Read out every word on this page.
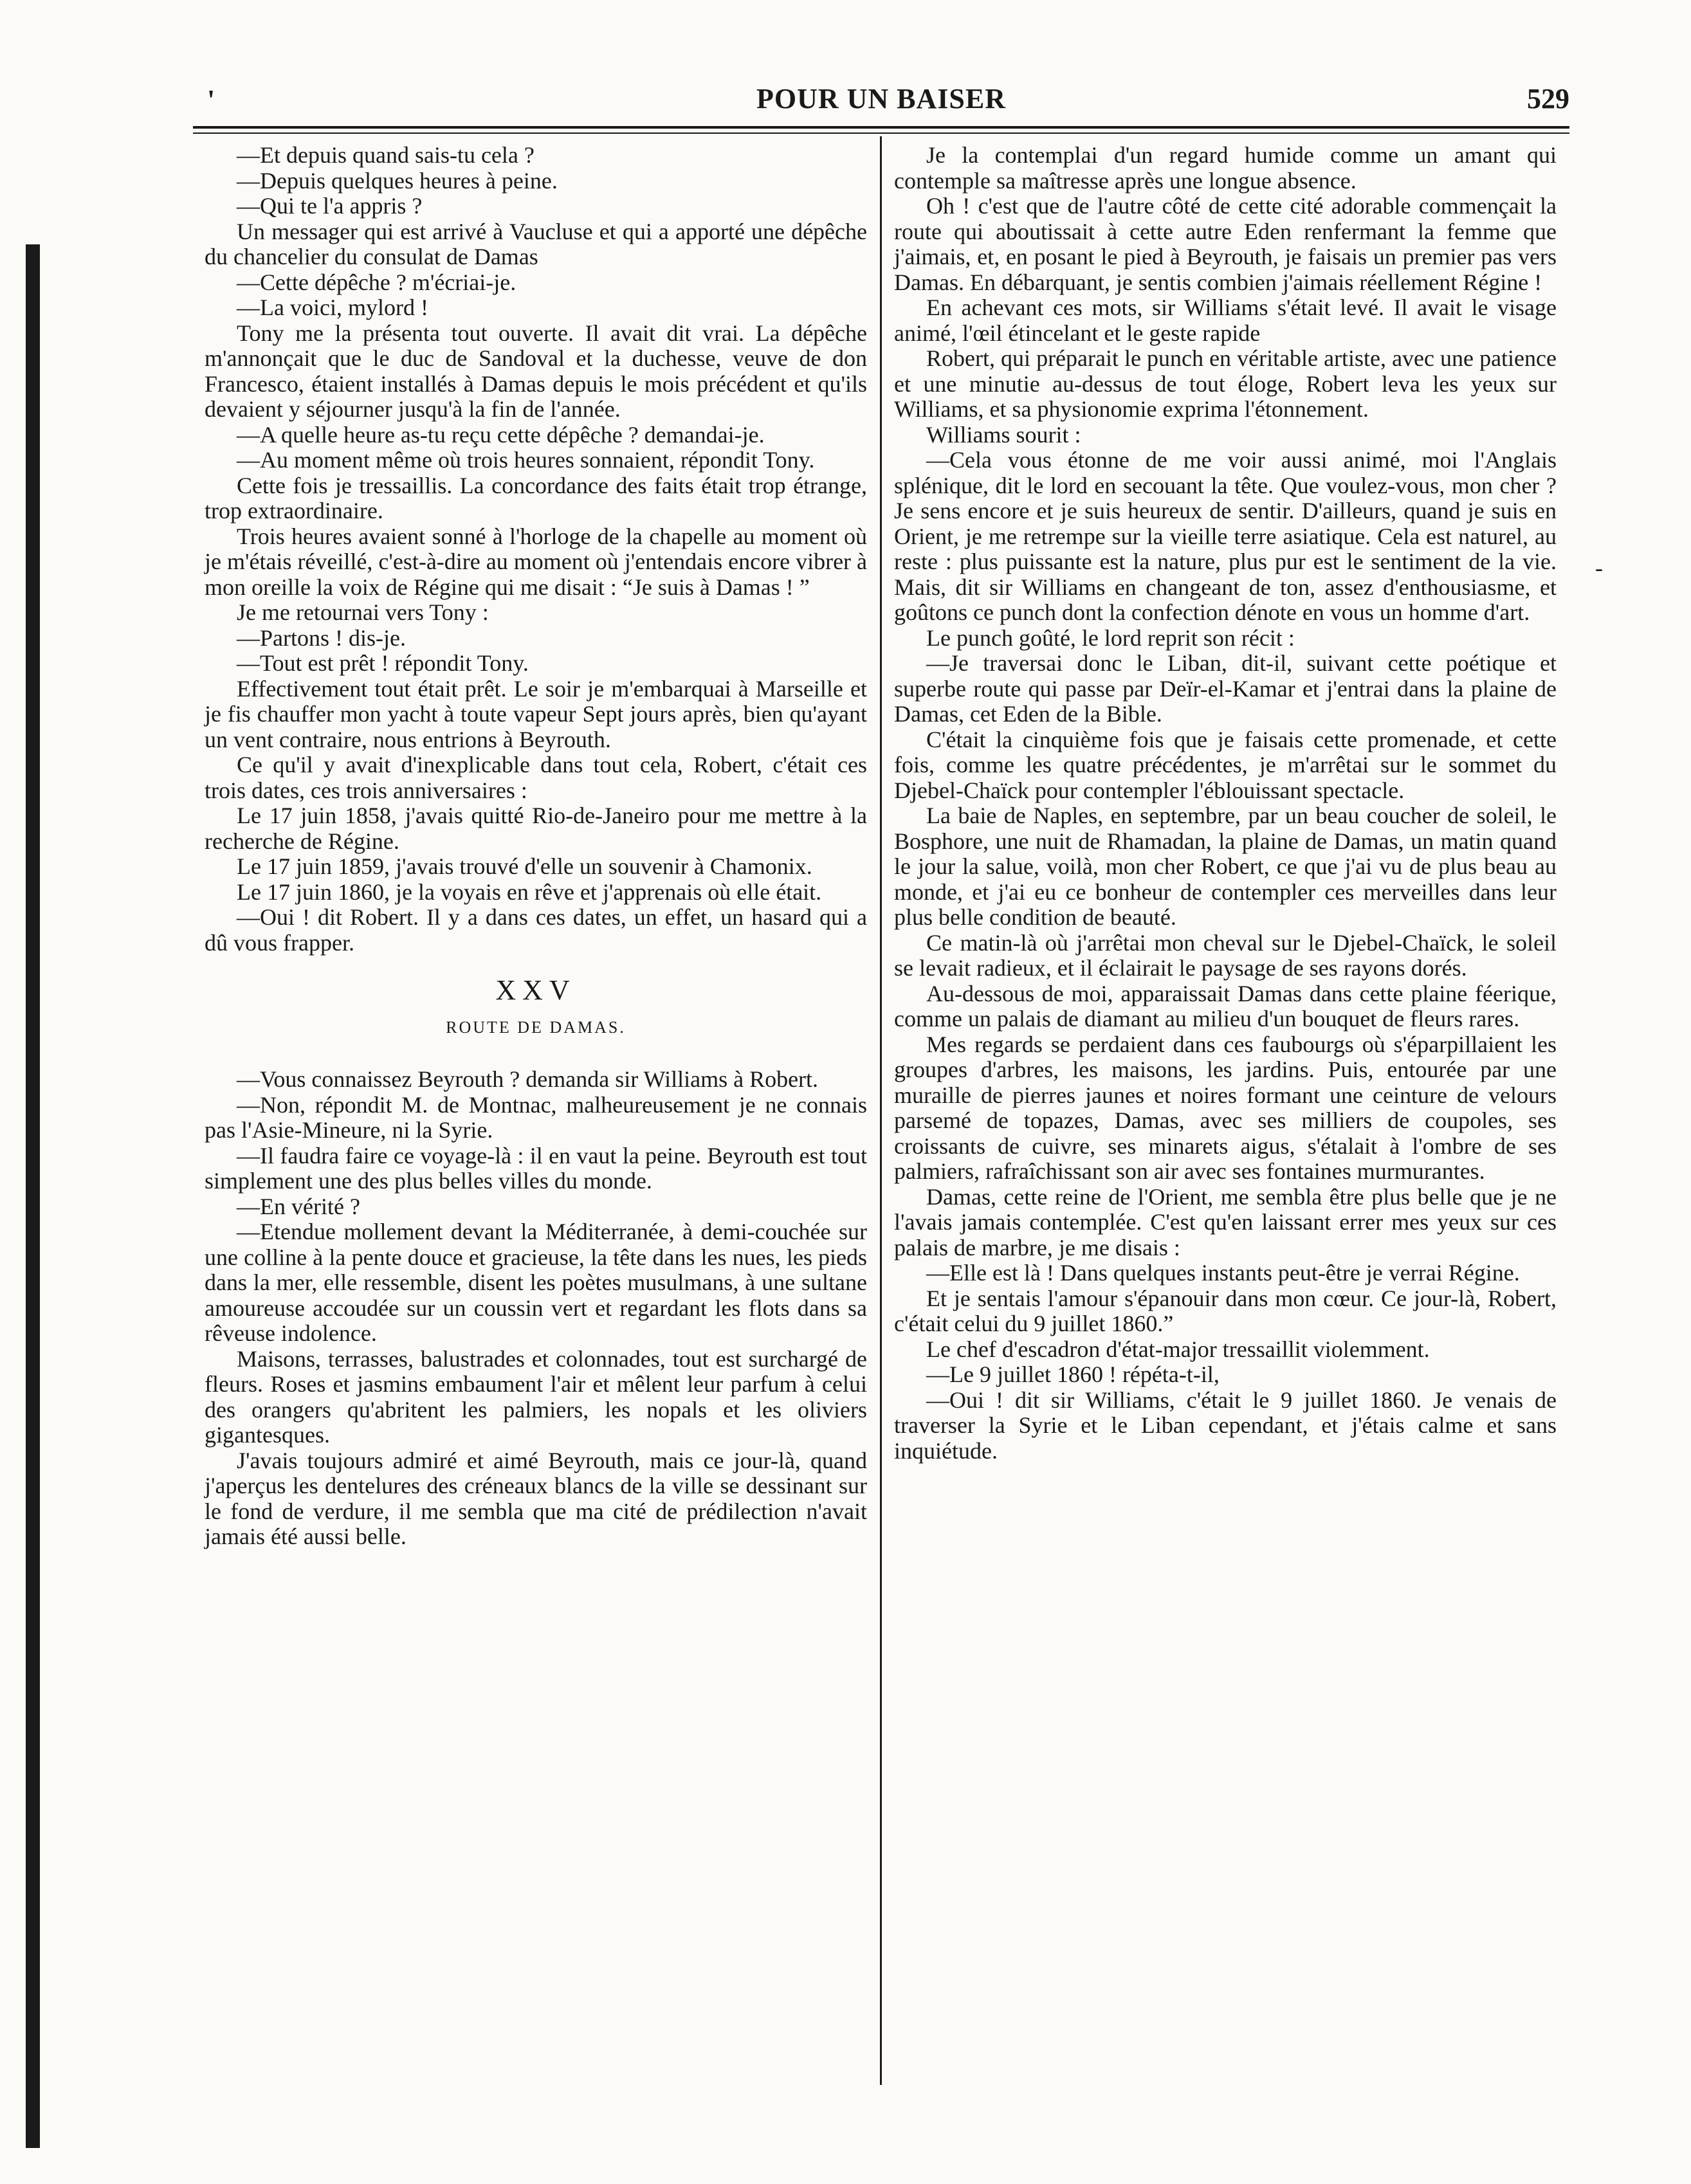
'	POUR UN BAISER	529

—Et depuis quand sais-tu cela ?

—Depuis quelques heures à peine.

—Qui te l'a appris ?

Un messager qui est arrivé à Vaucluse et qui a apporté une dépêche du chancelier du consulat de Damas

—Cette dépêche ? m'écriai-je.

—La voici, mylord !

Tony me la présenta tout ouverte. Il avait dit vrai. La dépêche m'annonçait que le duc de Sandoval et la duchesse, veuve de don Francesco, étaient installés à Damas depuis le mois précédent et qu'ils devaient y séjourner jusqu'à la fin de l'année.

—A quelle heure as-tu reçu cette dépêche ? demandai-je.

—Au moment même où trois heures sonnaient, répondit Tony.

Cette fois je tressaillis. La concordance des faits était trop étrange, trop extraordinaire.

Trois heures avaient sonné à l'horloge de la chapelle au moment où je m'étais réveillé, c'est-à-dire au moment où j'entendais encore vibrer à mon oreille la voix de Régine qui me disait : “Je suis à Damas ! ”

Je me retournai vers Tony :

—Partons ! dis-je.

—Tout est prêt ! répondit Tony.

Effectivement tout était prêt. Le soir je m'embarquai à Marseille et je fis chauffer mon yacht à toute vapeur Sept jours après, bien qu'ayant un vent contraire, nous entrions à Beyrouth.

Ce qu'il y avait d'inexplicable dans tout cela, Robert, c'était ces trois dates, ces trois anniversaires :

Le 17 juin 1858, j'avais quitté Rio-de-Janeiro pour me mettre à la recherche de Régine.

Le 17 juin 1859, j'avais trouvé d'elle un souvenir à Chamonix.

Le 17 juin 1860, je la voyais en rêve et j'apprenais où elle était.

—Oui ! dit Robert. Il y a dans ces dates, un effet, un hasard qui a dû vous frapper.

XXV
ROUTE DE DAMAS.

—Vous connaissez Beyrouth ? demanda sir Williams à Robert.

—Non, répondit M. de Montnac, malheureusement je ne connais pas l'Asie-Mineure, ni la Syrie.

—Il faudra faire ce voyage-là : il en vaut la peine. Beyrouth est tout simplement une des plus belles villes du monde.

—En vérité ?

—Etendue mollement devant la Méditerranée, à demi-couchée sur une colline à la pente douce et gracieuse, la tête dans les nues, les pieds dans la mer, elle ressemble, disent les poètes musulmans, à une sultane amoureuse accoudée sur un coussin vert et regardant les flots dans sa rêveuse indolence.

Maisons, terrasses, balustrades et colonnades, tout est surchargé de fleurs. Roses et jasmins embaument l'air et mêlent leur parfum à celui des orangers qu'abritent les palmiers, les nopals et les oliviers gigantesques.

J'avais toujours admiré et aimé Beyrouth, mais ce jour-là, quand j'aperçus les dentelures des créneaux blancs de la ville se dessinant sur le fond de verdure, il me sembla que ma cité de prédilection n'avait jamais été aussi belle.

Je la contemplai d'un regard humide comme un amant qui contemple sa maîtresse après une longue absence.

Oh ! c'est que de l'autre côté de cette cité adorable commençait la route qui aboutissait à cette autre Eden renfermant la femme que j'aimais, et, en posant le pied à Beyrouth, je faisais un premier pas vers Damas. En débarquant, je sentis combien j'aimais réellement Régine !

En achevant ces mots, sir Williams s'était levé. Il avait le visage animé, l'œil étincelant et le geste rapide

Robert, qui préparait le punch en véritable artiste, avec une patience et une minutie au-dessus de tout éloge, Robert leva les yeux sur Williams, et sa physionomie exprima l'étonnement.

Williams sourit :

—Cela vous étonne de me voir aussi animé, moi l'Anglais splénique, dit le lord en secouant la tête. Que voulez-vous, mon cher ? Je sens encore et je suis heureux de sentir. D'ailleurs, quand je suis en Orient, je me retrempe sur la vieille terre asiatique. Cela est naturel, au reste : plus puissante est la nature, plus pur est le sentiment de la vie. Mais, dit sir Williams en changeant de ton, assez d'enthousiasme, et goûtons ce punch dont la confection dénote en vous un homme d'art.

Le punch goûté, le lord reprit son récit :

—Je traversai donc le Liban, dit-il, suivant cette poétique et superbe route qui passe par Deïr-el-Kamar et j'entrai dans la plaine de Damas, cet Eden de la Bible.

C'était la cinquième fois que je faisais cette promenade, et cette fois, comme les quatre précédentes, je m'arrêtai sur le sommet du Djebel-Chaïck pour contempler l'éblouissant spectacle.

La baie de Naples, en septembre, par un beau coucher de soleil, le Bosphore, une nuit de Rhamadan, la plaine de Damas, un matin quand le jour la salue, voilà, mon cher Robert, ce que j'ai vu de plus beau au monde, et j'ai eu ce bonheur de contempler ces merveilles dans leur plus belle condition de beauté.

Ce matin-là où j'arrêtai mon cheval sur le Djebel-Chaïck, le soleil se levait radieux, et il éclairait le paysage de ses rayons dorés.

Au-dessous de moi, apparaissait Damas dans cette plaine féerique, comme un palais de diamant au milieu d'un bouquet de fleurs rares.

Mes regards se perdaient dans ces faubourgs où s'éparpillaient les groupes d'arbres, les maisons, les jardins. Puis, entourée par une muraille de pierres jaunes et noires formant une ceinture de velours parsemé de topazes, Damas, avec ses milliers de coupoles, ses croissants de cuivre, ses minarets aigus, s'étalait à l'ombre de ses palmiers, rafraîchissant son air avec ses fontaines murmurantes.

Damas, cette reine de l'Orient, me sembla être plus belle que je ne l'avais jamais contemplée. C'est qu'en laissant errer mes yeux sur ces palais de marbre, je me disais :

—Elle est là ! Dans quelques instants peut-être je verrai Régine.

Et je sentais l'amour s'épanouir dans mon cœur. Ce jour-là, Robert, c'était celui du 9 juillet 1860.”

Le chef d'escadron d'état-major tressaillit violemment.

—Le 9 juillet 1860 ! répéta-t-il,

—Oui ! dit sir Williams, c'était le 9 juillet 1860. Je venais de traverser la Syrie et le Liban cependant, et j'étais calme et sans inquiétude.

-
